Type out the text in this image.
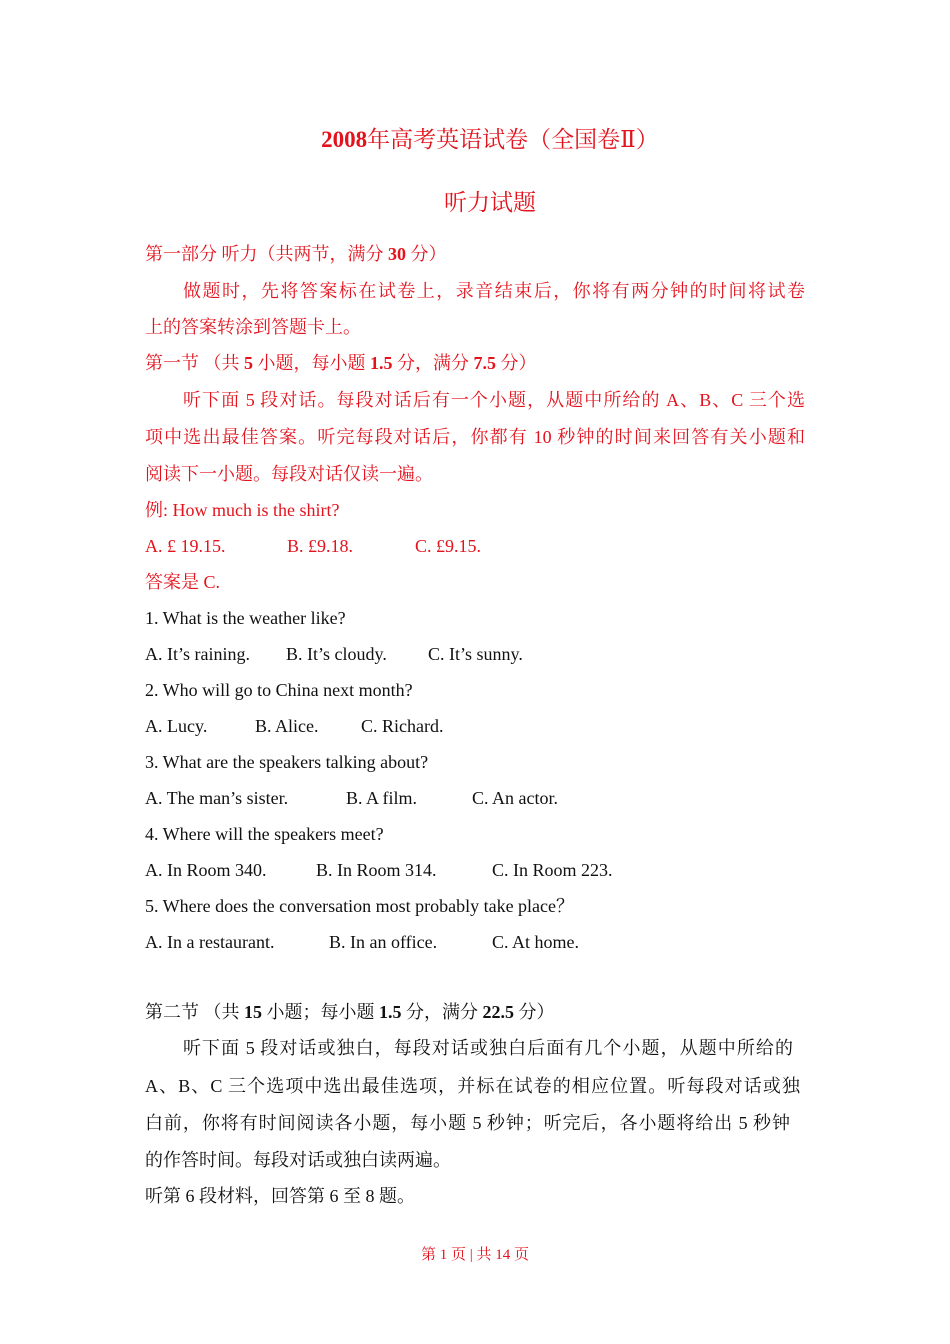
2008年高考英语试卷（全国卷Ⅱ）
听力试题
第一部分 听力（共两节，满分 30 分）
做题时，先将答案标在试卷上，录音结束后，你将有两分钟的时间将试卷
上的答案转涂到答题卡上。
第一节 （共 5 小题，每小题 1.5 分，满分 7.5 分）
听下面 5 段对话。每段对话后有一个小题，从题中所给的 A、B、C 三个选
项中选出最佳答案。听完每段对话后，你都有 10 秒钟的时间来回答有关小题和
阅读下一小题。每段对话仅读一遍。
例: How much is the shirt?
A. £ 19.15.	B. £9.18.	C. £9.15.
答案是 C.
1. What is the weather like?
A. It’s raining. B. It’s cloudy. C. It’s sunny.
2. Who will go to China next month?
A. Lucy.	B. Alice. C. Richard.
3. What are the speakers talking about?
A. The man’s sister.	B. A film.	C. An actor.
4. Where will the speakers meet?
A. In Room 340.	B. In Room 314.	C. In Room 223.
5. Where does the conversation most probably take place？
A. In a restaurant.	B. In an office.	C. At home.
第二节 （共 15 小题；每小题 1.5 分，满分 22.5 分）
听下面 5 段对话或独白，每段对话或独白后面有几个小题，从题中所给的
A、B、C 三个选项中选出最佳选项，并标在试卷的相应位置。听每段对话或独
白前，你将有时间阅读各小题，每小题 5 秒钟；听完后，各小题将给出 5 秒钟
的作答时间。每段对话或独白读两遍。
听第 6 段材料，回答第 6 至 8 题。
第 1 页 | 共 14 页
